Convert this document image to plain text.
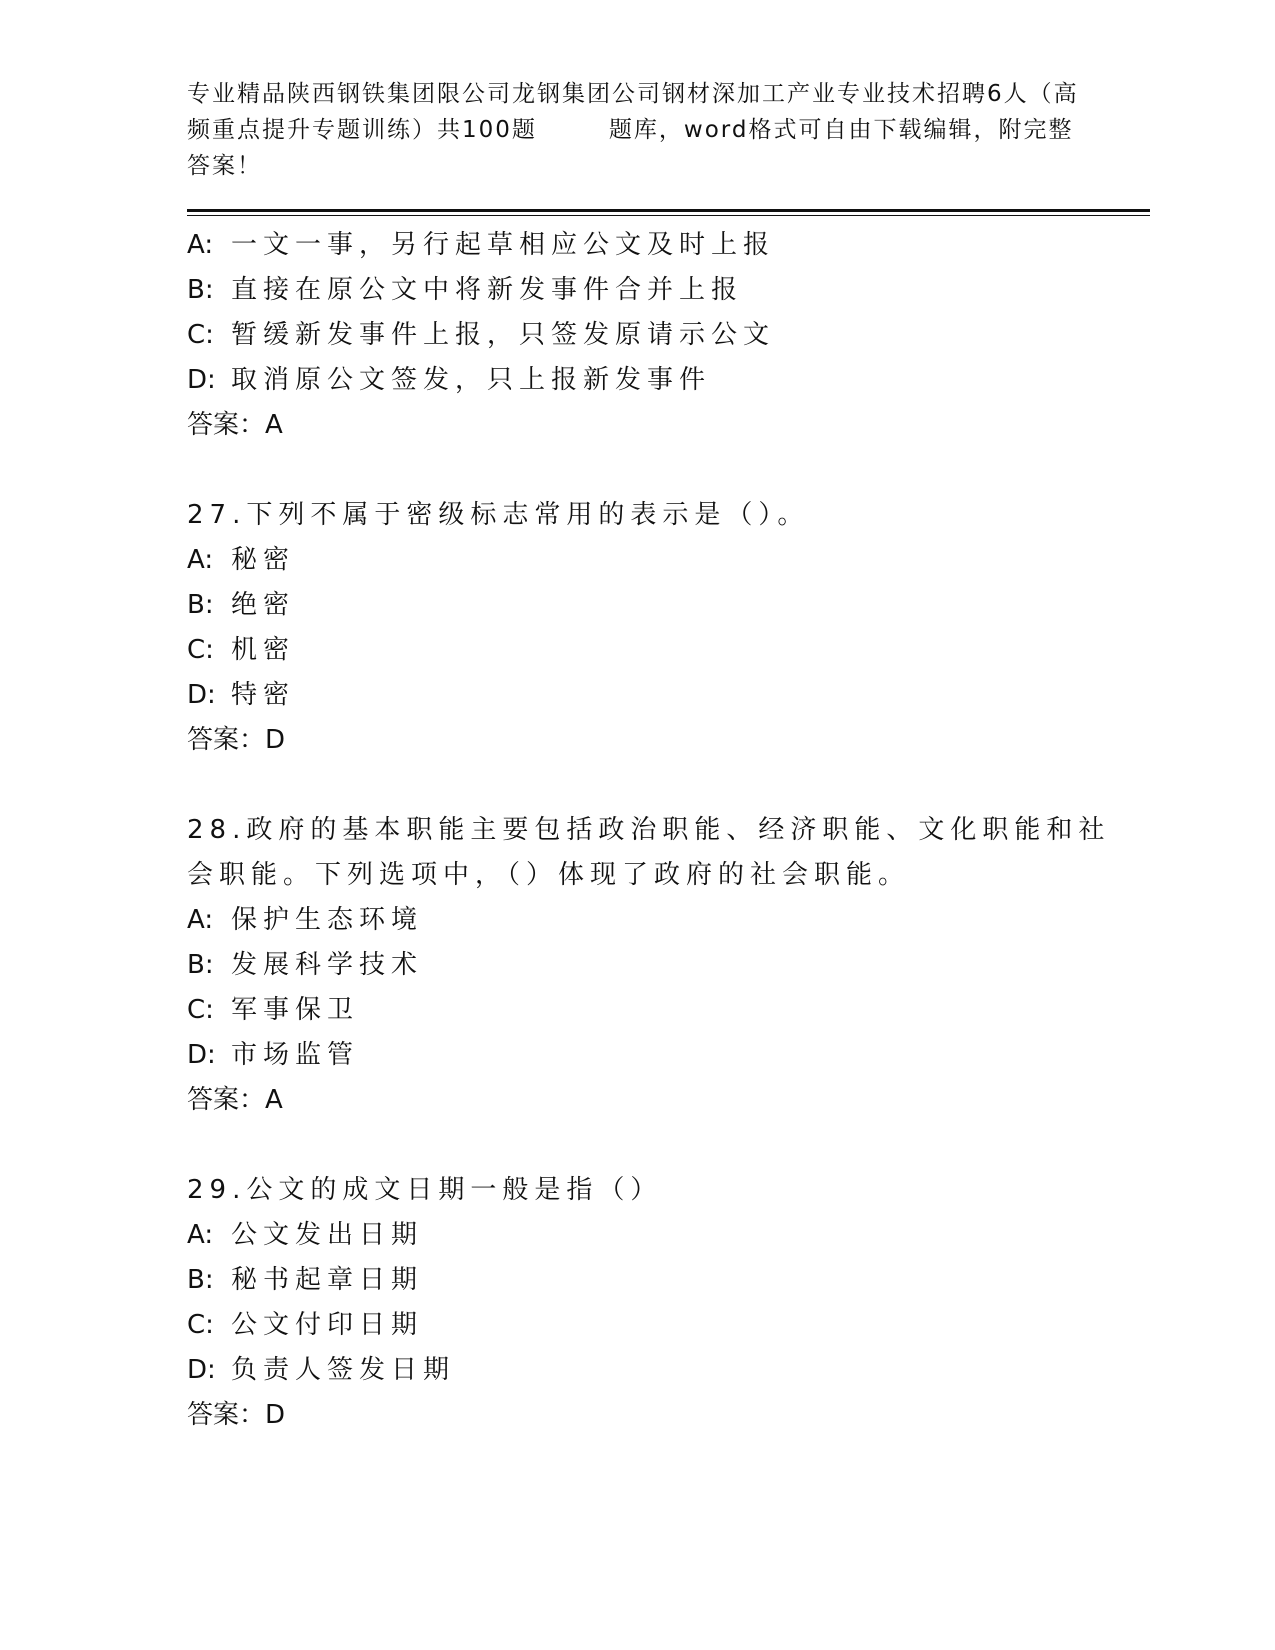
专业精品陕西钢铁集团限公司龙钢集团公司钢材深加工产业专业技术招聘6人（高
频重点提升专题训练）共100题	题库，word格式可自由下载编辑，附完整
答案！
A: 一文一事，另行起草相应公文及时上报
B: 直接在原公文中将新发事件合并上报
C: 暂缓新发事件上报，只签发原请示公文
D: 取消原公文签发，只上报新发事件
答案：A
27.下列不属于密级标志常用的表示是（）。
A: 秘密
B: 绝密
C: 机密
D: 特密
答案：D
28.政府的基本职能主要包括政治职能、经济职能、文化职能和社会职能。下列选项中，（）体现了政府的社会职能。
A: 保护生态环境
B: 发展科学技术
C: 军事保卫
D: 市场监管
答案：A
29.公文的成文日期一般是指（）
A: 公文发出日期
B: 秘书起章日期
C: 公文付印日期
D: 负责人签发日期
答案：D
